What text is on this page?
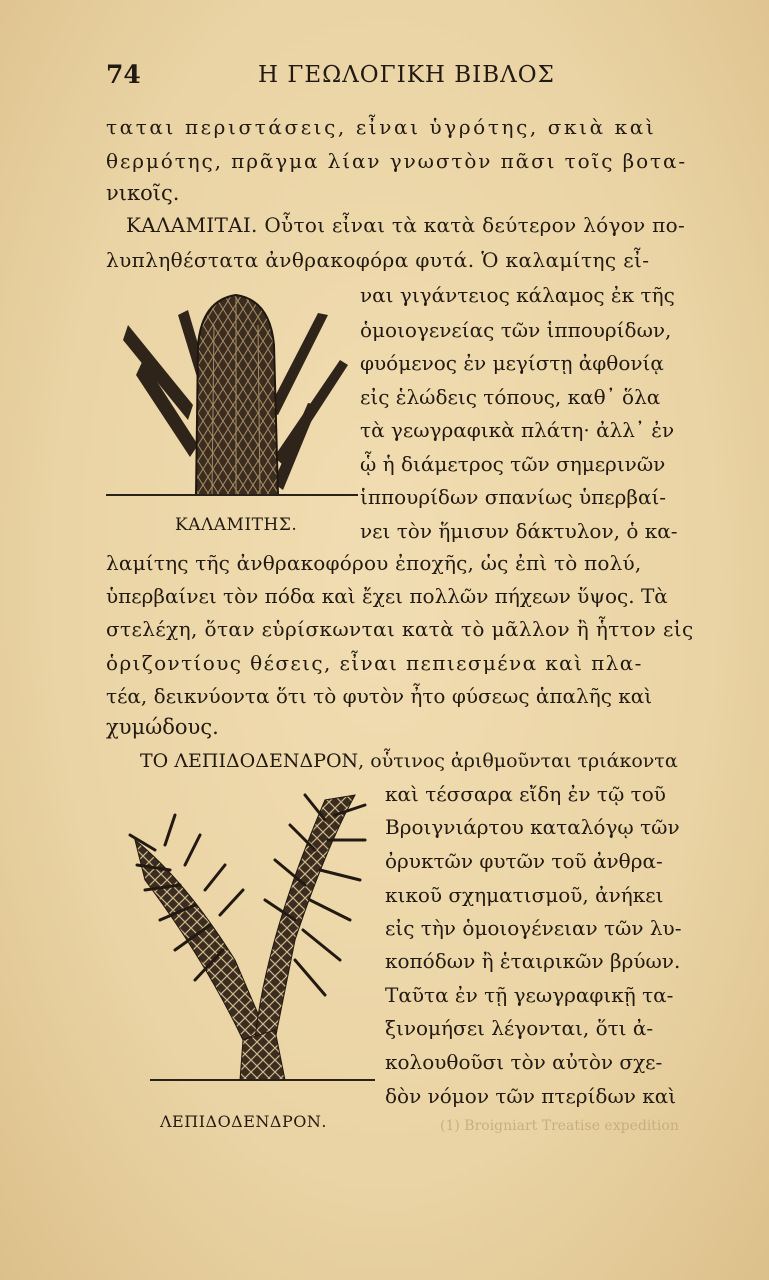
74	Η ΓΕΩΛΟΓΙΚΗ ΒΙΒΛΟΣ
ταται περιστάσεις, εἶναι ὑγρότης, σκιὰ καὶ
θερμότης, πρᾶγμα λίαν γνωστὸν πᾶσι τοῖς βοτα-
νικοῖς.
ΚΑΛΑΜΙΤΑΙ. Οὗτοι εἶναι τὰ κατὰ δεύτερον λόγον πο-
λυπληθέστατα ἀνθρακοφόρα φυτά. Ὁ καλαμίτης εἶ-
ναι γιγάντειος κάλαμος ἐκ τῆς
ὁμοιογενείας τῶν ἱππουρίδων,
φυόμενος ἐν μεγίστῃ ἀφθονίᾳ
εἰς ἑλώδεις τόπους, καθ᾽ ὅλα
τὰ γεωγραφικὰ πλάτη· ἀλλ᾽ ἐν
ᾧ ἡ διάμετρος τῶν σημερινῶν
ἱππουρίδων σπανίως ὑπερβαί-
νει τὸν ἥμισυν δάκτυλον, ὁ κα-
ΚΑΛΑΜΙΤΗΣ.
λαμίτης τῆς ἀνθρακοφόρου ἐποχῆς, ὡς ἐπὶ τὸ πολύ,
ὑπερβαίνει τὸν πόδα καὶ ἔχει πολλῶν πήχεων ὕψος. Τὰ
στελέχη, ὅταν εὑρίσκωνται κατὰ τὸ μᾶλλον ἢ ἧττον εἰς
ὁριζοντίους θέσεις, εἶναι πεπιεσμένα καὶ πλα-
τέα, δεικνύοντα ὅτι τὸ φυτὸν ἦτο φύσεως ἁπαλῆς καὶ
χυμώδους.
ΤΟ ΛΕΠΙΔΟΔΕΝΔΡΟΝ, οὗτινος ἀριθμοῦνται τριάκοντα
καὶ τέσσαρα εἴδη ἐν τῷ τοῦ
Βροιγνιάρτου καταλόγῳ τῶν
ὀρυκτῶν φυτῶν τοῦ ἀνθρα-
κικοῦ σχηματισμοῦ, ἀνήκει
εἰς τὴν ὁμοιογένειαν τῶν λυ-
κοπόδων ἢ ἑταιρικῶν βρύων.
Ταῦτα ἐν τῇ γεωγραφικῇ τα-
ξινομήσει λέγονται, ὅτι ἀ-
κολουθοῦσι τὸν αὐτὸν σχε-
δὸν νόμον τῶν πτερίδων καὶ
ΛΕΠΙΔΟΔΕΝΔΡΟΝ.	(1) Βroigniart Treatise expedition
